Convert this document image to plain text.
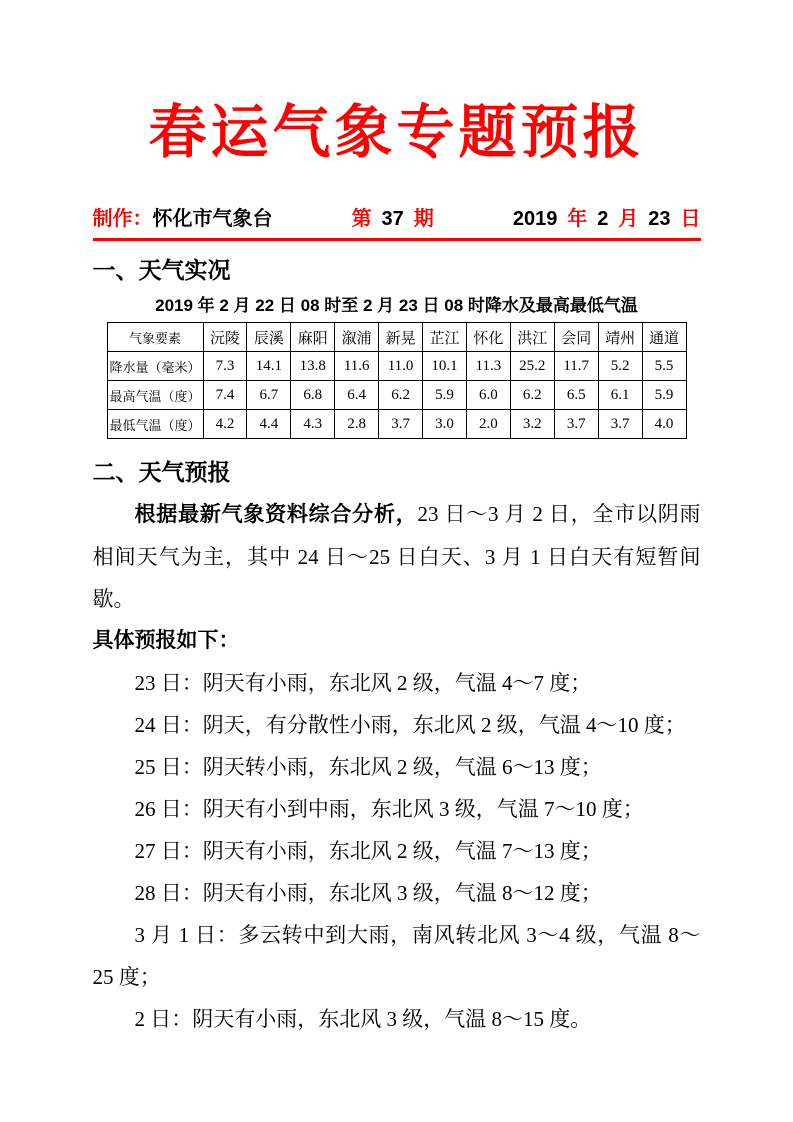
春运气象专题预报
制作：怀化市气象台	第 37 期	2019 年 2 月 23 日
一、天气实况
2019 年 2 月 22 日 08 时至 2 月 23 日 08 时降水及最高最低气温
气象要素	沅陵	辰溪	麻阳	溆浦	新晃	芷江	怀化	洪江	会同	靖州	通道
降水量（毫米）	7.3	14.1	13.8	11.6	11.0	10.1	11.3	25.2	11.7	5.2	5.5
最高气温（度）	7.4	6.7	6.8	6.4	6.2	5.9	6.0	6.2	6.5	6.1	5.9
最低气温（度）	4.2	4.4	4.3	2.8	3.7	3.0	2.0	3.2	3.7	3.7	4.0
二、天气预报

根据最新气象资料综合分析，23 日～3 月 2 日，全市以阴雨相间天气为主，其中 24 日～25 日白天、3 月 1 日白天有短暂间歇。

具体预报如下：

23 日：阴天有小雨，东北风 2 级，气温 4～7 度；

24 日：阴天，有分散性小雨，东北风 2 级，气温 4～10 度；

25 日：阴天转小雨，东北风 2 级，气温 6～13 度；

26 日：阴天有小到中雨，东北风 3 级，气温 7～10 度；

27 日：阴天有小雨，东北风 2 级，气温 7～13 度；

28 日：阴天有小雨，东北风 3 级，气温 8～12 度；

3 月 1 日：多云转中到大雨，南风转北风 3～4 级，气温 8～25 度；

2 日：阴天有小雨，东北风 3 级，气温 8～15 度。
